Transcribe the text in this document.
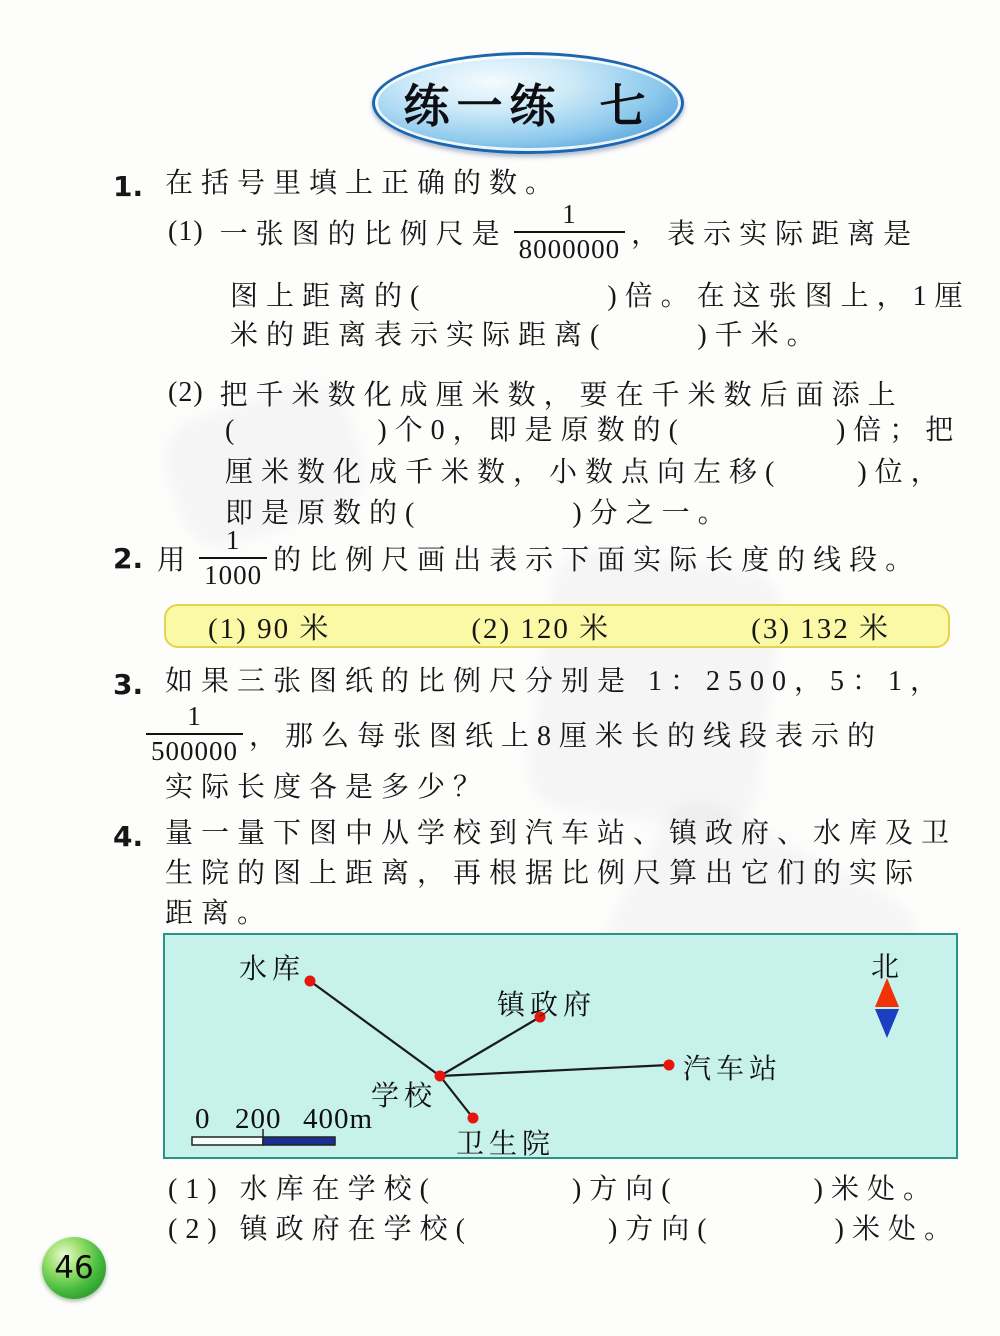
练一练  七
1. 在括号里填上正确的数。
(1) 一张图的比例尺是 $\frac{1}{8000000}$ ，表示实际距离是
图上距离的(            )倍。在这张图上，1厘
米的距离表示实际距离(      )千米。
(2) 把千米数化成厘米数，要在千米数后面添上
(         )个0，即是原数的(          )倍；把
厘米数化成千米数，小数点向左移(     )位，
即是原数的(          )分之一。
2. 用 $\frac{1}{1000}$ 的比例尺画出表示下面实际长度的线段。
(1) 90 米	(2) 120 米	(3) 132 米
3. 如果三张图纸的比例尺分别是 1：2500，5：1，
$\frac{1}{500000}$ ，那么每张图纸上8厘米长的线段表示的
实际长度各是多少？
4. 量一量下图中从学校到汽车站、镇政府、水库及卫
生院的图上距离，再根据比例尺算出它们的实际
距离。
水库
镇政府
学校
汽车站
卫生院
北
0 200 400m
(1) 水库在学校(         )方向(         )米处。
(2) 镇政府在学校(         )方向(        )米处。
46
